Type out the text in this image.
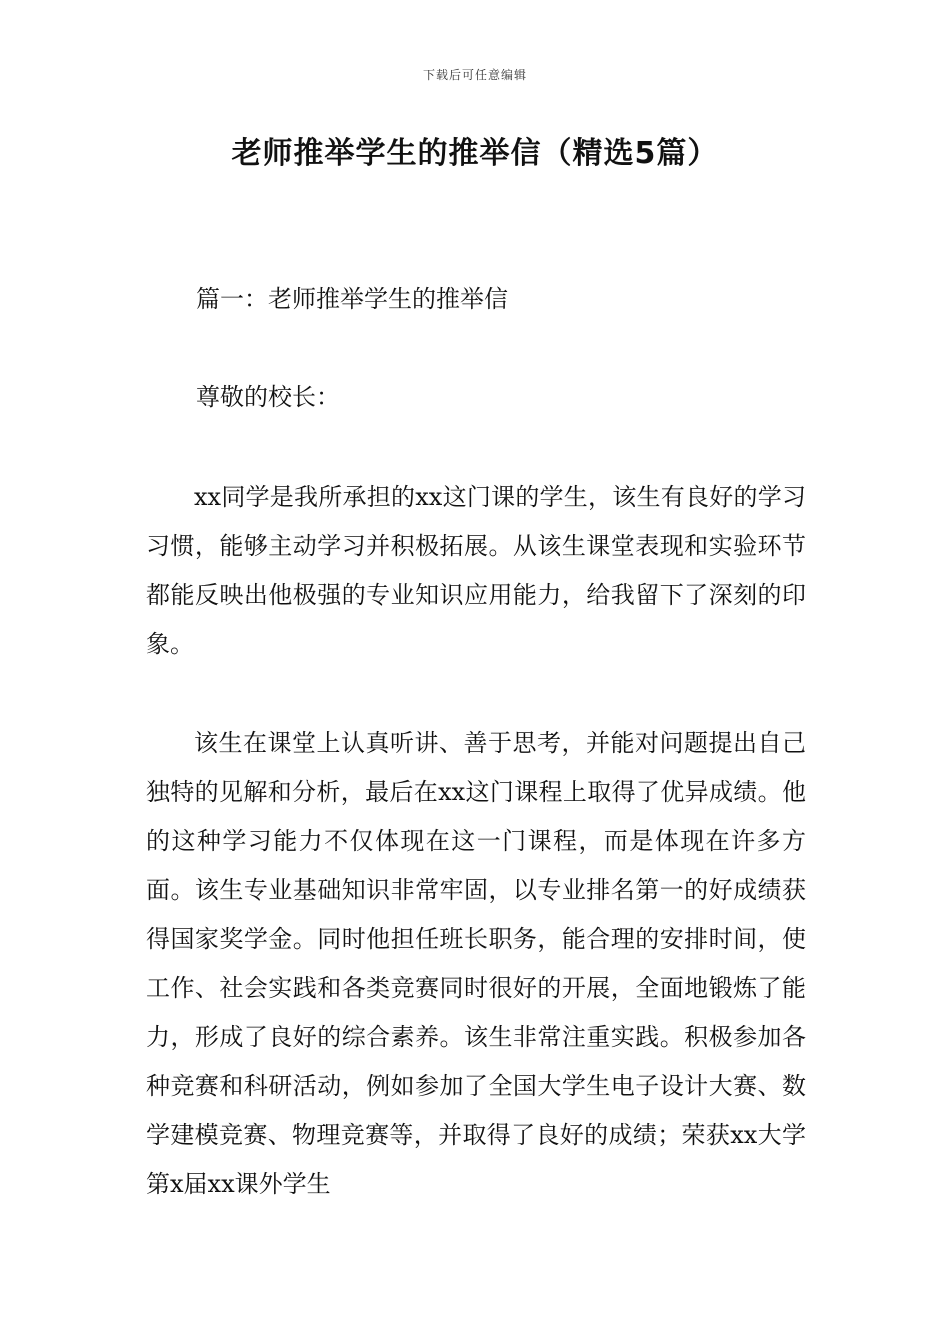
下载后可任意编辑
老师推举学生的推举信（精选5篇）
篇一：老师推举学生的推举信
尊敬的校长：

xx同学是我所承担的xx这门课的学生，该生有良好的学习习惯，能够主动学习并积极拓展。从该生课堂表现和实验环节都能反映出他极强的专业知识应用能力，给我留下了深刻的印象。

该生在课堂上认真听讲、善于思考，并能对问题提出自己独特的见解和分析，最后在xx这门课程上取得了优异成绩。他的这种学习能力不仅体现在这一门课程，而是体现在许多方面。该生专业基础知识非常牢固，以专业排名第一的好成绩获得国家奖学金。同时他担任班长职务，能合理的安排时间，使工作、社会实践和各类竞赛同时很好的开展，全面地锻炼了能力，形成了良好的综合素养。该生非常注重实践。积极参加各种竞赛和科研活动，例如参加了全国大学生电子设计大赛、数学建模竞赛、物理竞赛等，并取得了良好的成绩；荣获xx大学第x届xx课外学生
